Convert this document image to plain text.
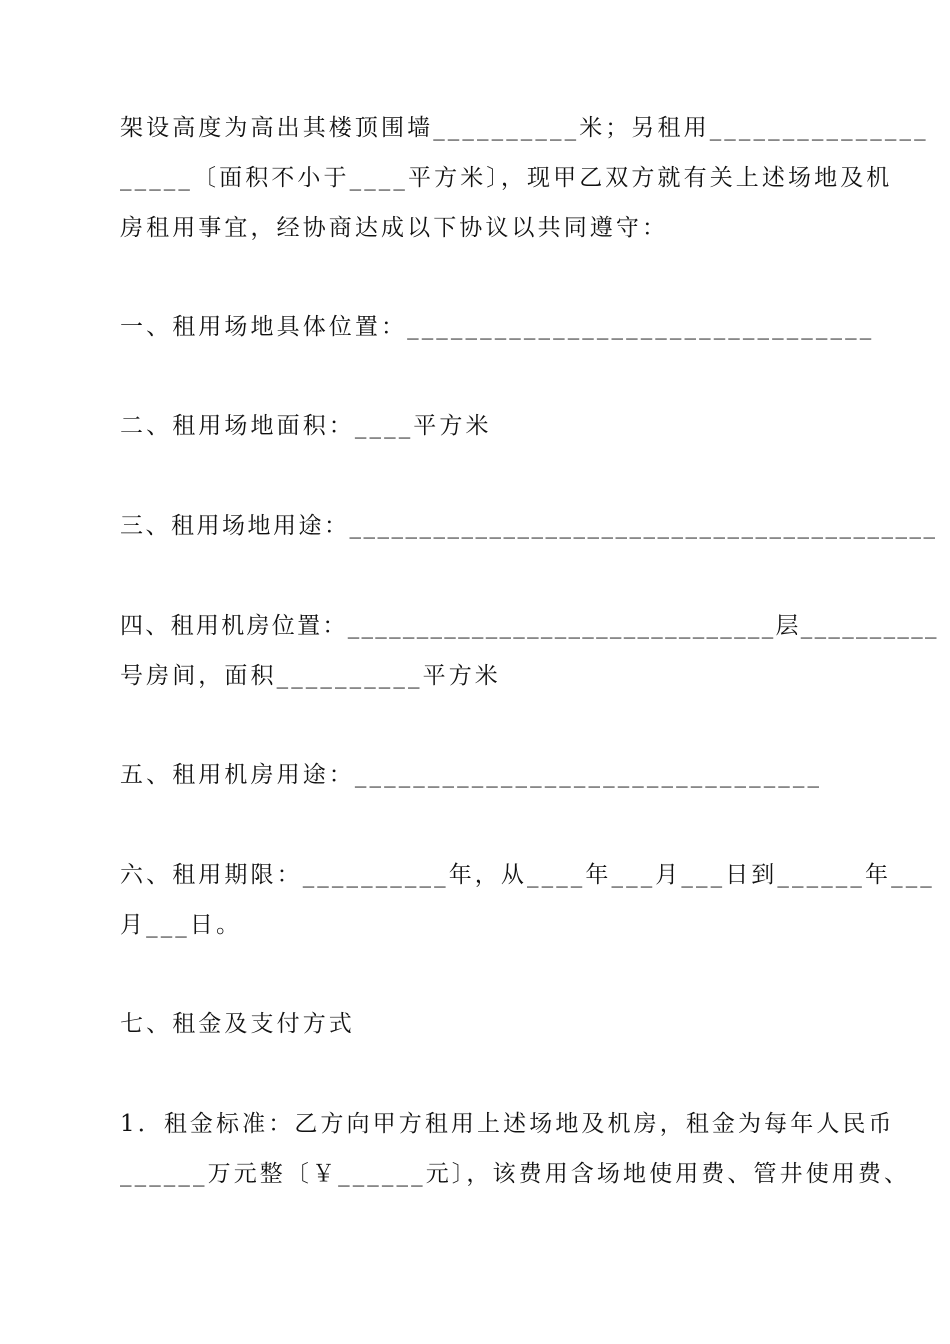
架设高度为高出其楼顶围墙__________米；另租用_______________
_____〔面积不小于____平方米〕，现甲乙双方就有关上述场地及机
房租用事宜，经协商达成以下协议以共同遵守：
一、租用场地具体位置：________________________________
二、租用场地面积：____平方米
三、租用场地用途：__________________________________________
四、租用机房位置：_______________________________层__________
号房间，面积__________平方米
五、租用机房用途：________________________________
六、租用期限：__________年，从____年___月___日到______年___
月___日。
七、租金及支付方式
1．租金标准：乙方向甲方租用上述场地及机房，租金为每年人民币
______万元整〔￥______元〕，该费用含场地使用费、管井使用费、
